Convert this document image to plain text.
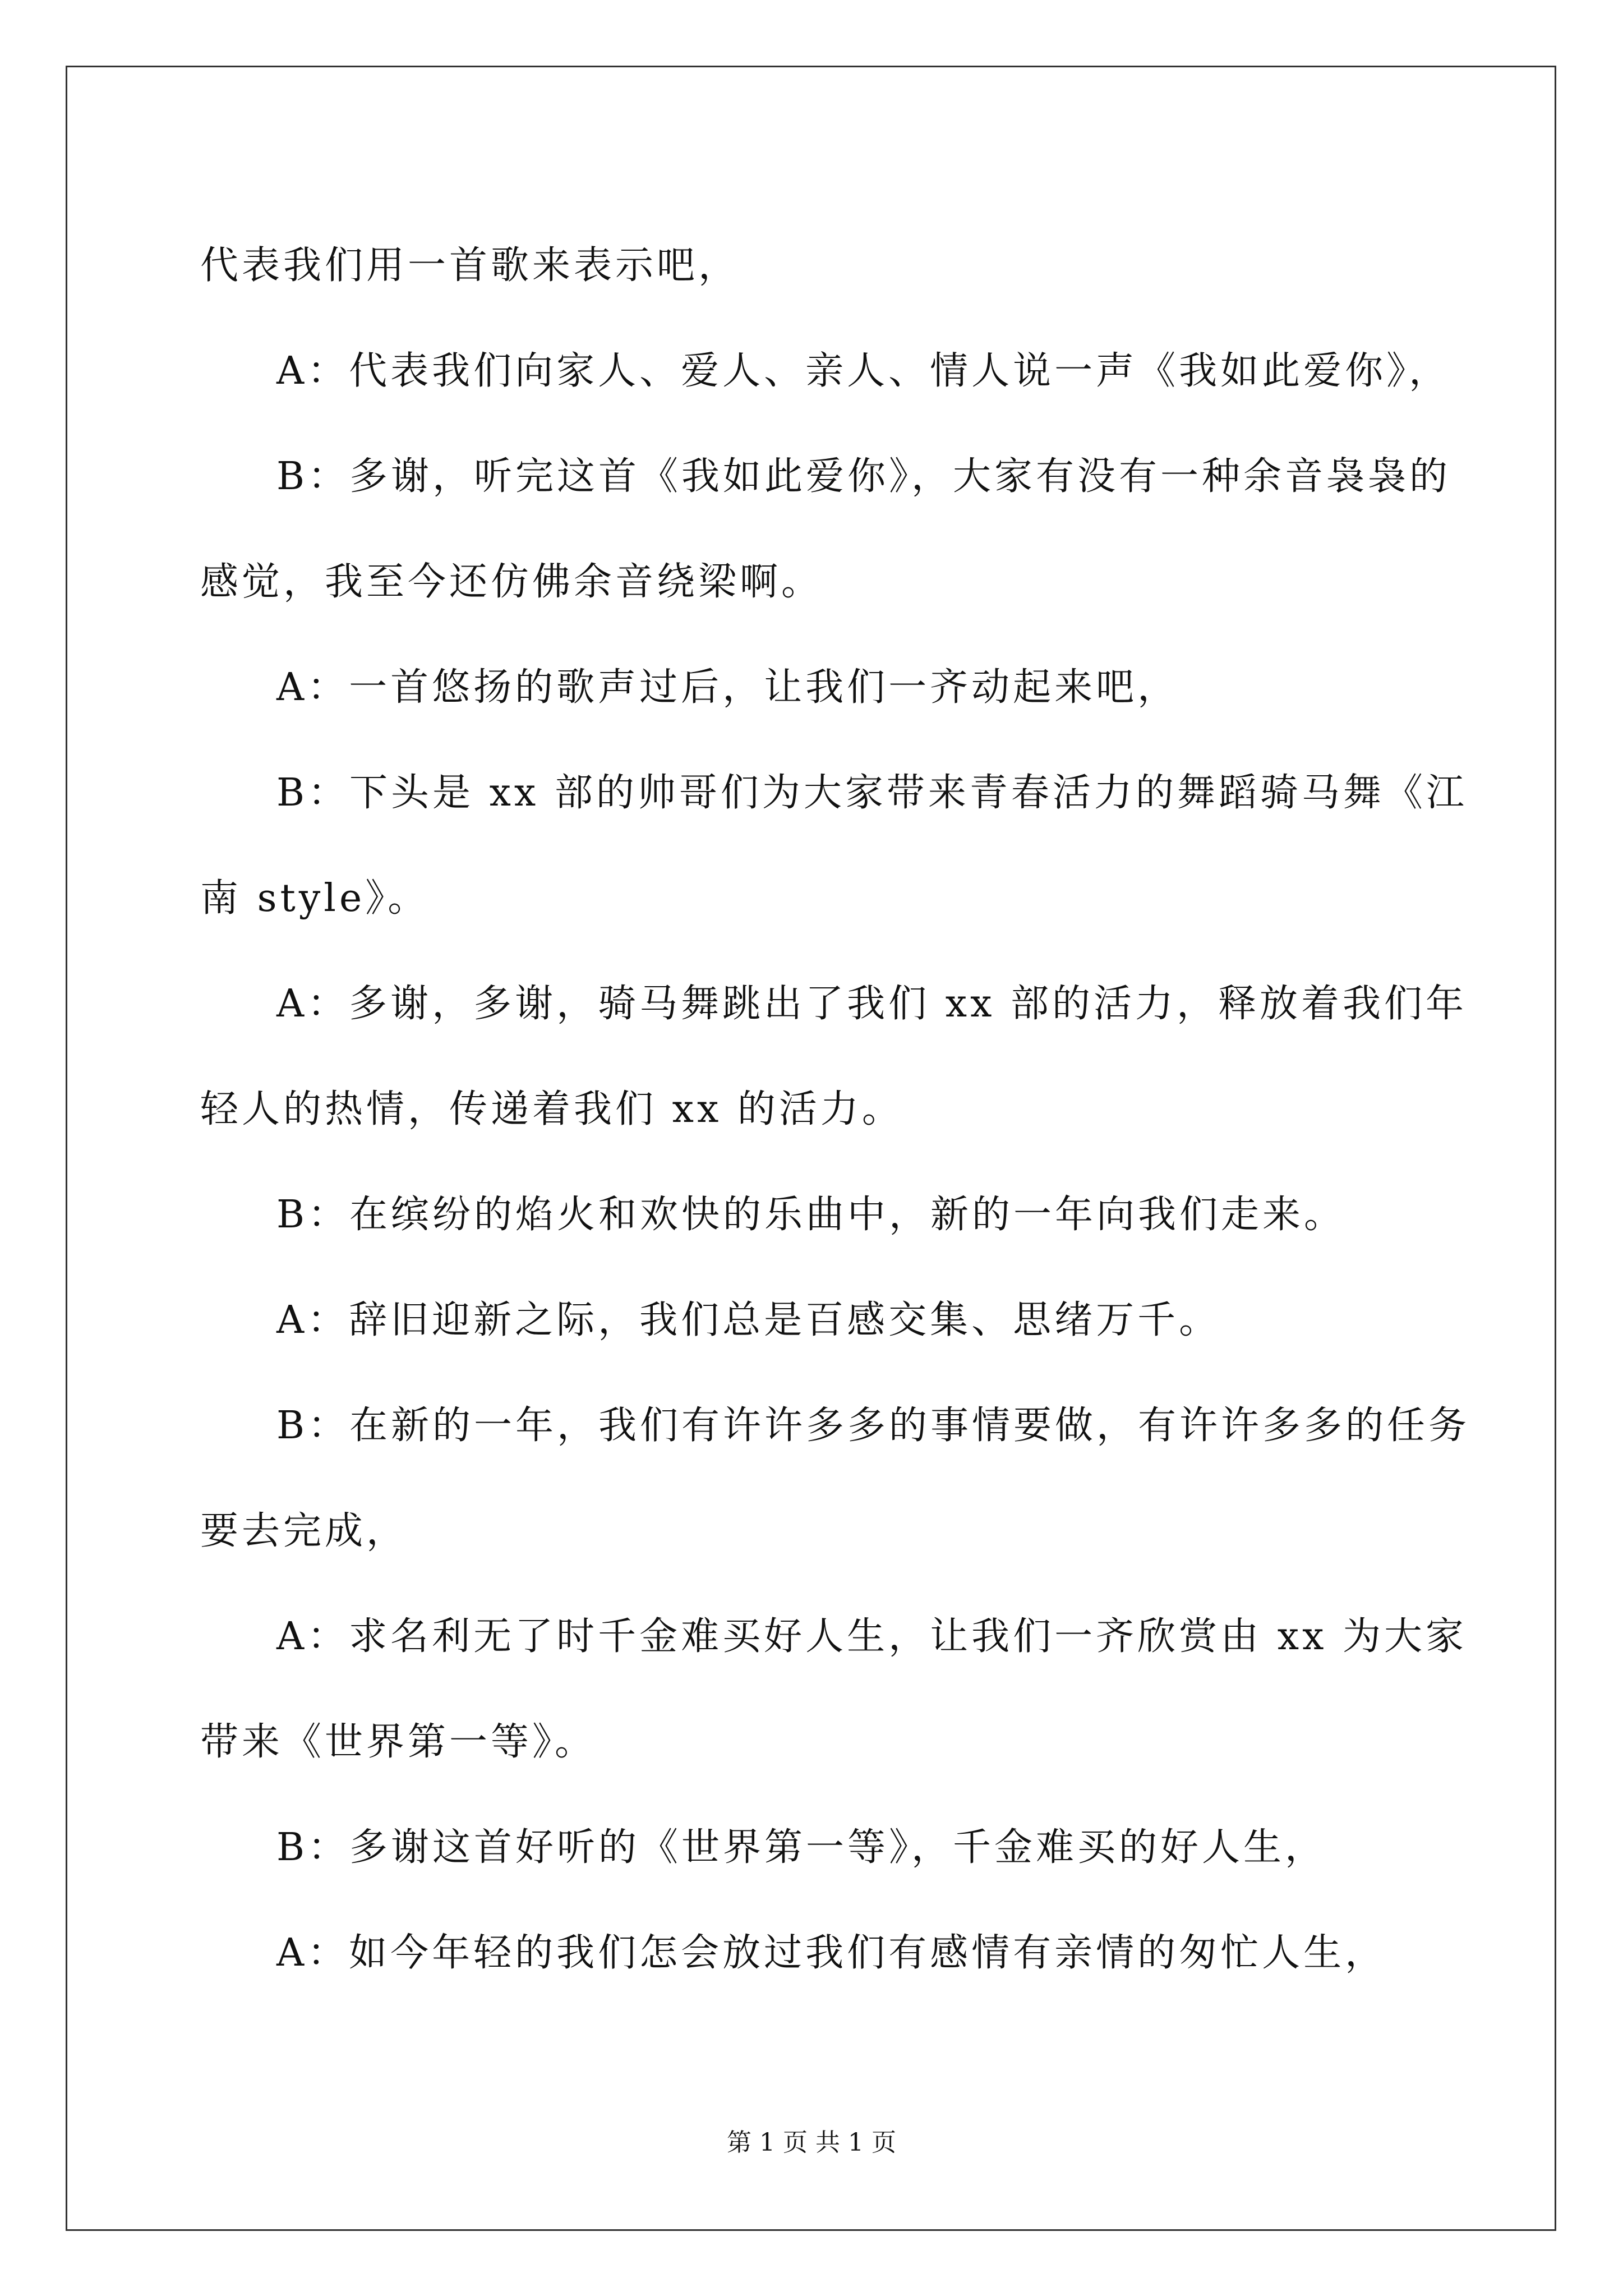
代表我们用一首歌来表示吧，
A：代表我们向家人、爱人、亲人、情人说一声《我如此爱你》，
B：多谢，听完这首《我如此爱你》，大家有没有一种余音袅袅的
感觉，我至今还仿佛余音绕梁啊。
A：一首悠扬的歌声过后，让我们一齐动起来吧，
B：下头是 xx 部的帅哥们为大家带来青春活力的舞蹈骑马舞《江
南 style》。
A：多谢，多谢，骑马舞跳出了我们 xx 部的活力，释放着我们年
轻人的热情，传递着我们 xx 的活力。
B：在缤纷的焰火和欢快的乐曲中，新的一年向我们走来。
A：辞旧迎新之际，我们总是百感交集、思绪万千。
B：在新的一年，我们有许许多多的事情要做，有许许多多的任务
要去完成，
A：求名利无了时千金难买好人生，让我们一齐欣赏由 xx 为大家
带来《世界第一等》。
B：多谢这首好听的《世界第一等》，千金难买的好人生，
A：如今年轻的我们怎会放过我们有感情有亲情的匆忙人生，
第 1 页 共 1 页
